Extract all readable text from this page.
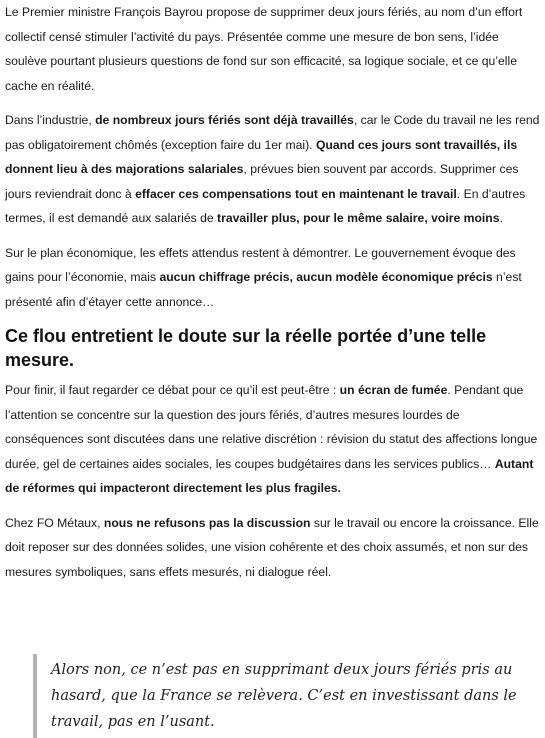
Le Premier ministre François Bayrou propose de supprimer deux jours fériés, au nom d’un effort collectif censé stimuler l’activité du pays. Présentée comme une mesure de bon sens, l’idée soulève pourtant plusieurs questions de fond sur son efficacité, sa logique sociale, et ce qu’elle cache en réalité.

Dans l’industrie, de nombreux jours fériés sont déjà travaillés, car le Code du travail ne les rend pas obligatoirement chômés (exception faire du 1er mai). Quand ces jours sont travaillés, ils donnent lieu à des majorations salariales, prévues bien souvent par accords. Supprimer ces jours reviendrait donc à effacer ces compensations tout en maintenant le travail. En d’autres termes, il est demandé aux salariés de travailler plus, pour le même salaire, voire moins.

Sur le plan économique, les effets attendus restent à démontrer. Le gouvernement évoque des gains pour l’économie, mais aucun chiffrage précis, aucun modèle économique précis n’est présenté afin d’étayer cette annonce…

Ce flou entretient le doute sur la réelle portée d’une telle mesure.

Pour finir, il faut regarder ce débat pour ce qu’il est peut-être : un écran de fumée. Pendant que l’attention se concentre sur la question des jours fériés, d’autres mesures lourdes de conséquences sont discutées dans une relative discrétion : révision du statut des affections longue durée, gel de certaines aides sociales, les coupes budgétaires dans les services publics… Autant de réformes qui impacteront directement les plus fragiles.

Chez FO Métaux, nous ne refusons pas la discussion sur le travail ou encore la croissance. Elle doit reposer sur des données solides, une vision cohérente et des choix assumés, et non sur des mesures symboliques, sans effets mesurés, ni dialogue réel.

Alors non, ce n’est pas en supprimant deux jours fériés pris au hasard, que la France se relèvera. C’est en investissant dans le travail, pas en l’usant.
